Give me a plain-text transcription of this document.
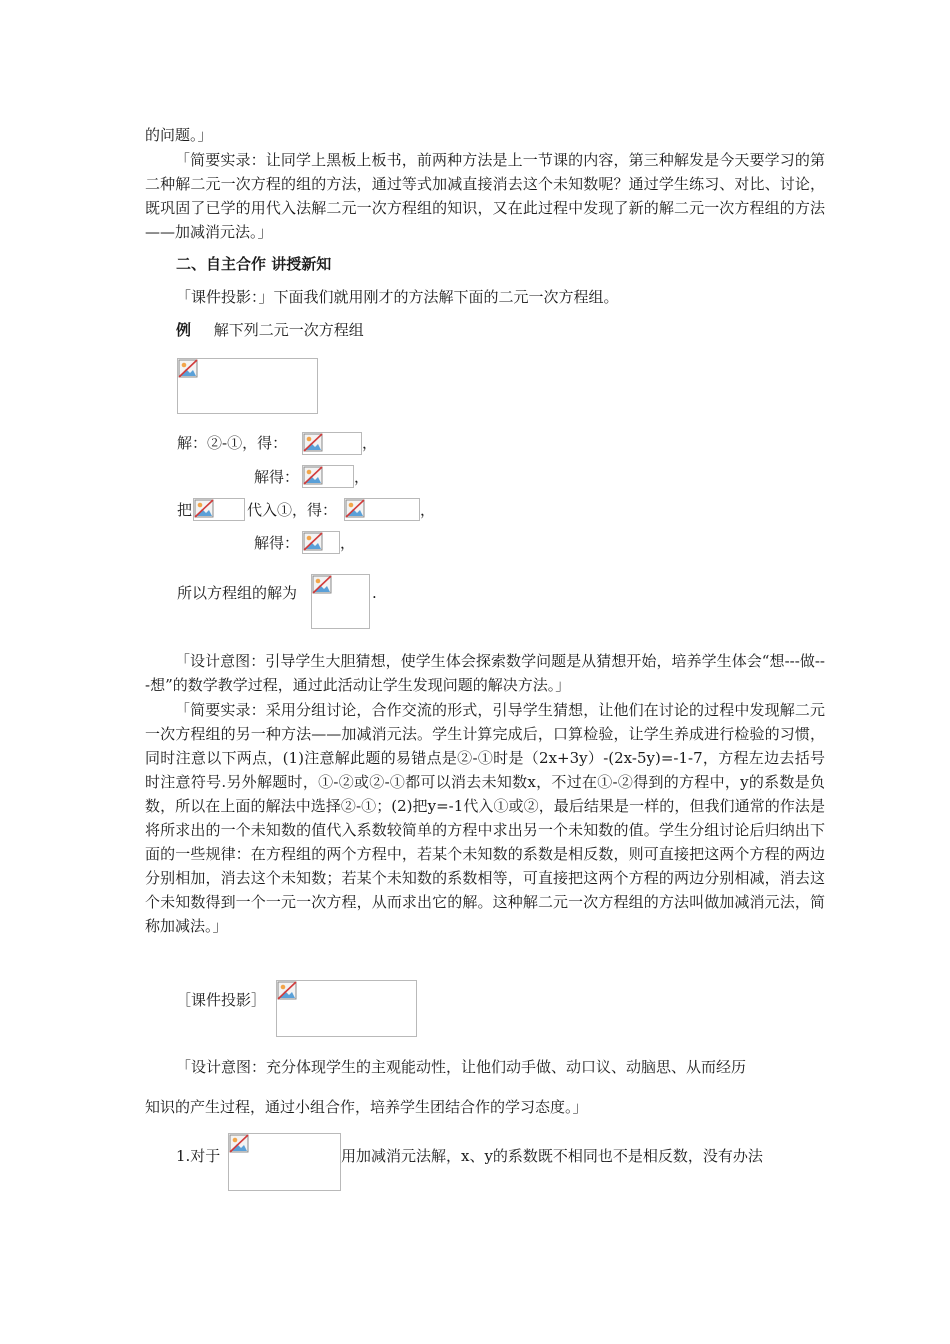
的问题。」

「简要实录：让同学上黑板上板书，前两种方法是上一节课的内容，第三种解发是今天要学习的第二种解二元一次方程的组的方法，通过等式加减直接消去这个未知数呢？通过学生练习、对比、讨论，既巩固了已学的用代入法解二元一次方程组的知识，又在此过程中发现了新的解二元一次方程组的方法——加减消元法。」

二、自主合作 讲授新知
「课件投影：」下面我们就用刚才的方法解下面的二元一次方程组。
例 解下列二元一次方程组
解：②-①，得：	，
解得：	，
把	代入①，得：	，
解得：	，
所以方程组的解为	.

「设计意图：引导学生大胆猜想，使学生体会探索数学问题是从猜想开始，培养学生体会“想---做---想”的数学教学过程，通过此活动让学生发现问题的解决方法。」

「简要实录：采用分组讨论，合作交流的形式，引导学生猜想，让他们在讨论的过程中发现解二元一次方程组的另一种方法——加减消元法。学生计算完成后，口算检验，让学生养成进行检验的习惯，同时注意以下两点，(1)注意解此题的易错点是②-①时是（2x+3y）-(2x-5y)=-1-7，方程左边去括号时注意符号.另外解题时，①-②或②-①都可以消去未知数x，不过在①-②得到的方程中，y的系数是负数，所以在上面的解法中选择②-①；(2)把y=-1代入①或②，最后结果是一样的，但我们通常的作法是将所求出的一个未知数的值代入系数较简单的方程中求出另一个未知数的值。学生分组讨论后归纳出下面的一些规律：在方程组的两个方程中，若某个未知数的系数是相反数，则可直接把这两个方程的两边分别相加，消去这个未知数；若某个未知数的系数相等，可直接把这两个方程的两边分别相减，消去这个未知数得到一个一元一次方程，从而求出它的解。这种解二元一次方程组的方法叫做加减消元法，简称加减法。」

［课件投影］
「设计意图：充分体现学生的主观能动性，让他们动手做、动口议、动脑思、从而经历
知识的产生过程，通过小组合作，培养学生团结合作的学习态度。」
1.对于	用加减消元法解，x、y的系数既不相同也不是相反数，没有办法
